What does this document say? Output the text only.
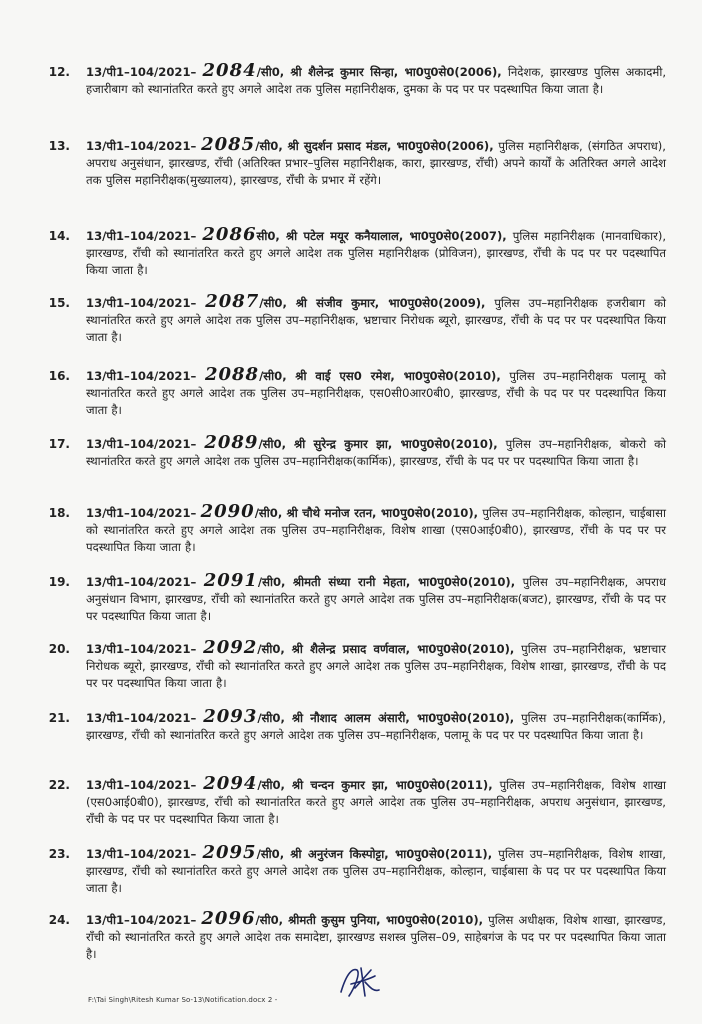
12. 13/पी1–104/2021– 2084/सी0, श्री शैलेन्द्र कुमार सिन्हा, भा0पु0से0(2006), निदेशक, झारखण्ड पुलिस अकादमी, हजारीबाग को स्थानांतरित करते हुए अगले आदेश तक पुलिस महानिरीक्षक, दुमका के पद पर पर पदस्थापित किया जाता है।
13. 13/पी1–104/2021– 2085/सी0, श्री सुदर्शन प्रसाद मंडल, भा0पु0से0(2006), पुलिस महानिरीक्षक, (संगठित अपराध), अपराध अनुसंधान, झारखण्ड, राँची (अतिरिक्त प्रभार–पुलिस महानिरीक्षक, कारा, झारखण्ड, राँची) अपने कार्यों के अतिरिक्त अगले आदेश तक पुलिस महानिरीक्षक(मुख्यालय), झारखण्ड, राँची के प्रभार में रहेंगे।
14. 13/पी1–104/2021– 2086सी0, श्री पटेल मयूर कनैयालाल, भा0पु0से0(2007), पुलिस महानिरीक्षक (मानवाधिकार), झारखण्ड, राँची को स्थानांतरित करते हुए अगले आदेश तक पुलिस महानिरीक्षक (प्रोविजन), झारखण्ड, राँची के पद पर पर पदस्थापित किया जाता है।
15. 13/पी1–104/2021– 2087/सी0, श्री संजीव कुमार, भा0पु0से0(2009), पुलिस उप–महानिरीक्षक हजरीबाग को स्थानांतरित करते हुए अगले आदेश तक पुलिस उप–महानिरीक्षक, भ्रष्टाचार निरोधक ब्यूरो, झारखण्ड, राँची के पद पर पर पदस्थापित किया जाता है।
16. 13/पी1–104/2021– 2088/सी0, श्री वाई एस0 रमेश, भा0पु0से0(2010), पुलिस उप–महानिरीक्षक पलामू को स्थानांतरित करते हुए अगले आदेश तक पुलिस उप–महानिरीक्षक, एस0सी0आर0बी0, झारखण्ड, राँची के पद पर पर पदस्थापित किया जाता है।
17. 13/पी1–104/2021– 2089/सी0, श्री सुरेन्द्र कुमार झा, भा0पु0से0(2010), पुलिस उप–महानिरीक्षक, बोकरो को स्थानांतरित करते हुए अगले आदेश तक पुलिस उप–महानिरीक्षक(कार्मिक), झारखण्ड, राँची के पद पर पर पदस्थापित किया जाता है।
18. 13/पी1–104/2021– 2090/सी0, श्री चौथे मनोज रतन, भा0पु0से0(2010), पुलिस उप–महानिरीक्षक, कोल्हान, चाईबासा को स्थानांतरित करते हुए अगले आदेश तक पुलिस उप–महानिरीक्षक, विशेष शाखा (एस0आई0बी0), झारखण्ड, राँची के पद पर पर पदस्थापित किया जाता है।
19. 13/पी1–104/2021– 2091/सी0, श्रीमती संध्या रानी मेहता, भा0पु0से0(2010), पुलिस उप–महानिरीक्षक, अपराध अनुसंधान विभाग, झारखण्ड, राँची को स्थानांतरित करते हुए अगले आदेश तक पुलिस उप–महानिरीक्षक(बजट), झारखण्ड, राँची के पद पर पर पदस्थापित किया जाता है।
20. 13/पी1–104/2021– 2092/सी0, श्री शैलेन्द्र प्रसाद वर्णवाल, भा0पु0से0(2010), पुलिस उप–महानिरीक्षक, भ्रष्टाचार निरोधक ब्यूरो, झारखण्ड, राँची को स्थानांतरित करते हुए अगले आदेश तक पुलिस उप–महानिरीक्षक, विशेष शाखा, झारखण्ड, राँची के पद पर पर पदस्थापित किया जाता है।
21. 13/पी1–104/2021– 2093/सी0, श्री नौशाद आलम अंसारी, भा0पु0से0(2010), पुलिस उप–महानिरीक्षक(कार्मिक), झारखण्ड, राँची को स्थानांतरित करते हुए अगले आदेश तक पुलिस उप–महानिरीक्षक, पलामू के पद पर पर पदस्थापित किया जाता है।
22. 13/पी1–104/2021– 2094/सी0, श्री चन्दन कुमार झा, भा0पु0से0(2011), पुलिस उप–महानिरीक्षक, विशेष शाखा (एस0आई0बी0), झारखण्ड, राँची को स्थानांतरित करते हुए अगले आदेश तक पुलिस उप–महानिरीक्षक, अपराध अनुसंधान, झारखण्ड, राँची के पद पर पर पदस्थापित किया जाता है।
23. 13/पी1–104/2021– 2095/सी0, श्री अनुरंजन किस्पोट्टा, भा0पु0से0(2011), पुलिस उप–महानिरीक्षक, विशेष शाखा, झारखण्ड, राँची को स्थानांतरित करते हुए अगले आदेश तक पुलिस उप–महानिरीक्षक, कोल्हान, चाईबासा के पद पर पर पदस्थापित किया जाता है।
24. 13/पी1–104/2021– 2096/सी0, श्रीमती कुसुम पुनिया, भा0पु0से0(2010), पुलिस अधीक्षक, विशेष शाखा, झारखण्ड, राँची को स्थानांतरित करते हुए अगले आदेश तक समादेष्टा, झारखण्ड सशस्त्र पुलिस–09, साहेबगंज के पद पर पर पदस्थापित किया जाता है।
F:\Tai Singh\Ritesh Kumar So-13\Notification.docx 2 -
